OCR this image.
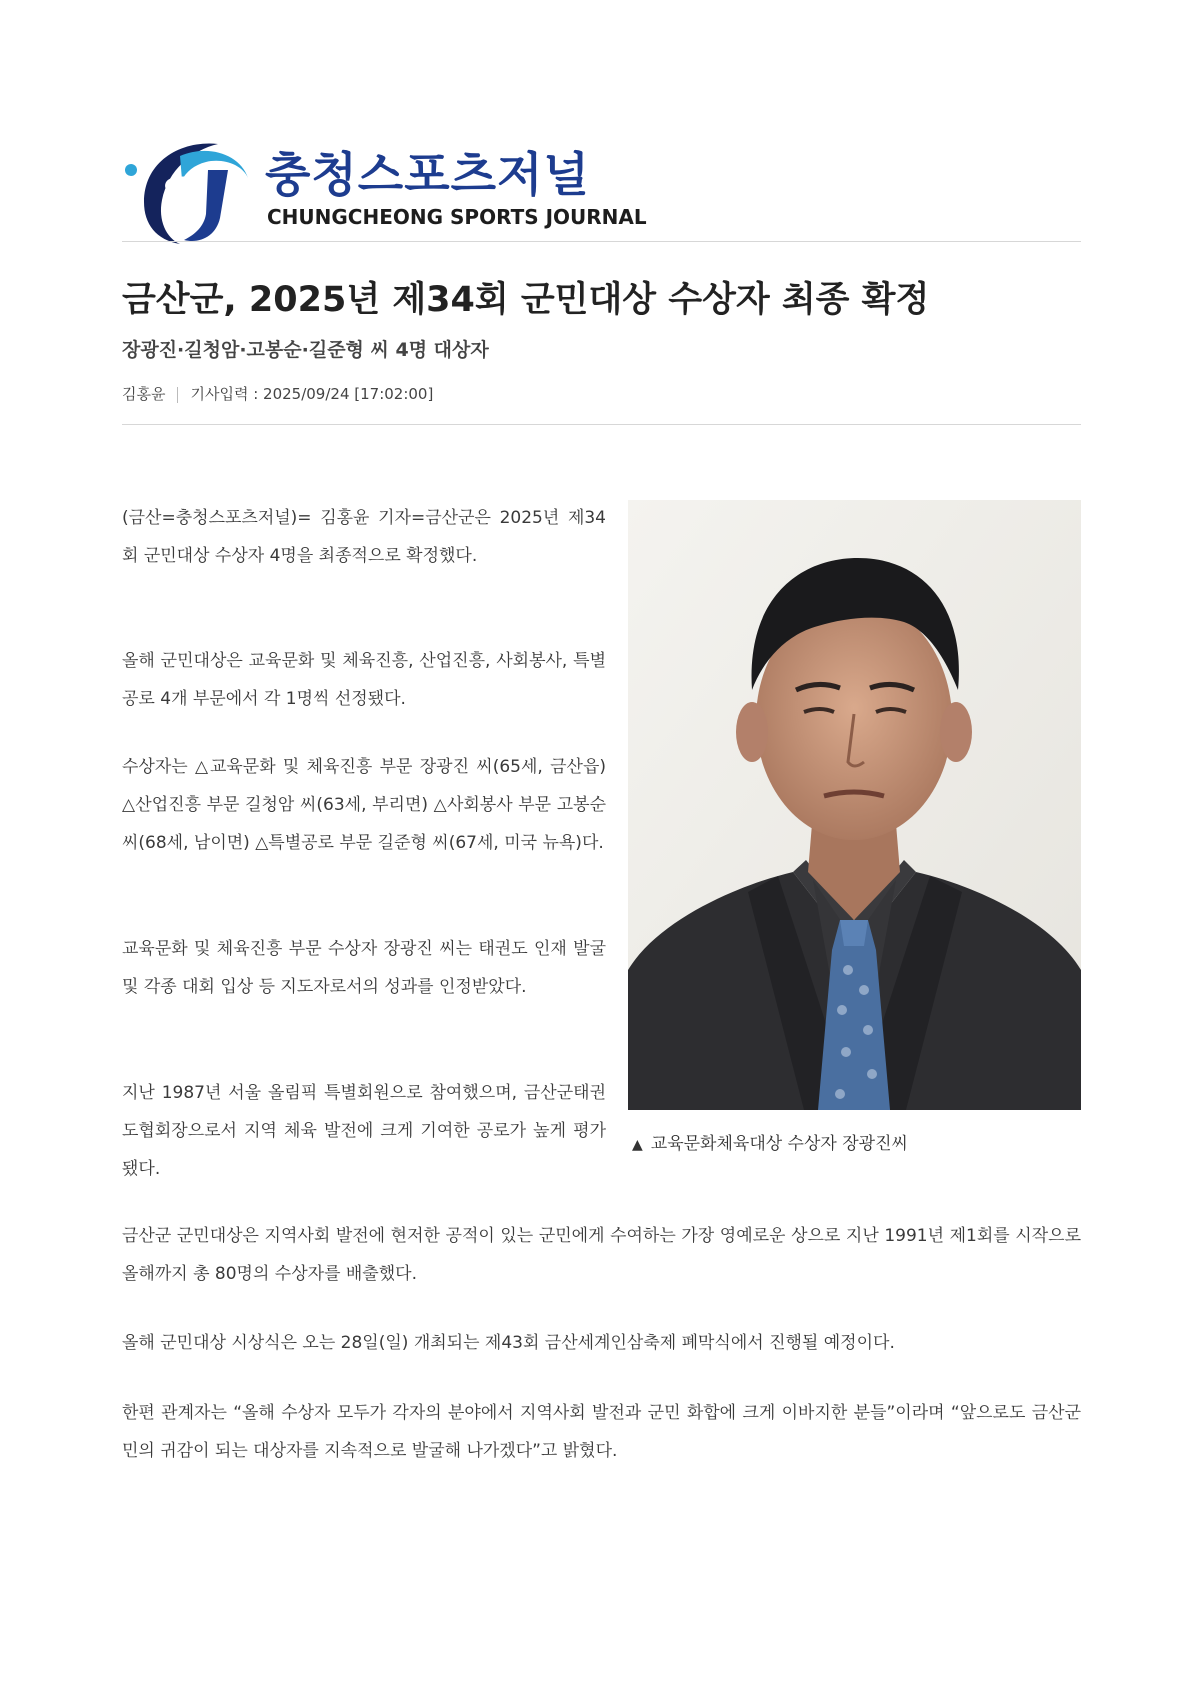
충청스포츠저널
CHUNGCHEONG SPORTS JOURNAL
금산군, 2025년 제34회 군민대상 수상자 최종 확정
장광진·길청암·고봉순·길준형 씨 4명 대상자
김홍윤 기사입력 : 2025/09/24 [17:02:00]

(금산=충청스포츠저널)= 김홍윤 기자=금산군은 2025년 제34회 군민대상 수상자 4명을 최종적으로 확정했다.

올해 군민대상은 교육문화 및 체육진흥, 산업진흥, 사회봉사, 특별공로 4개 부문에서 각 1명씩 선정됐다.

수상자는 △교육문화 및 체육진흥 부문 장광진 씨(65세, 금산읍) △산업진흥 부문 길청암 씨(63세, 부리면) △사회봉사 부문 고봉순 씨(68세, 남이면) △특별공로 부문 길준형 씨(67세, 미국 뉴욕)다.

교육문화 및 체육진흥 부문 수상자 장광진 씨는 태권도 인재 발굴 및 각종 대회 입상 등 지도자로서의 성과를 인정받았다.

지난 1987년 서울 올림픽 특별회원으로 참여했으며, 금산군태권도협회장으로서 지역 체육 발전에 크게 기여한 공로가 높게 평가됐다.

금산군 군민대상은 지역사회 발전에 현저한 공적이 있는 군민에게 수여하는 가장 영예로운 상으로 지난 1991년 제1회를 시작으로 올해까지 총 80명의 수상자를 배출했다.

올해 군민대상 시상식은 오는 28일(일) 개최되는 제43회 금산세계인삼축제 폐막식에서 진행될 예정이다.

한편 관계자는 “올해 수상자 모두가 각자의 분야에서 지역사회 발전과 군민 화합에 크게 이바지한 분들”이라며 “앞으로도 금산군민의 귀감이 되는 대상자를 지속적으로 발굴해 나가겠다”고 밝혔다.

▲ 교육문화체육대상 수상자 장광진씨
